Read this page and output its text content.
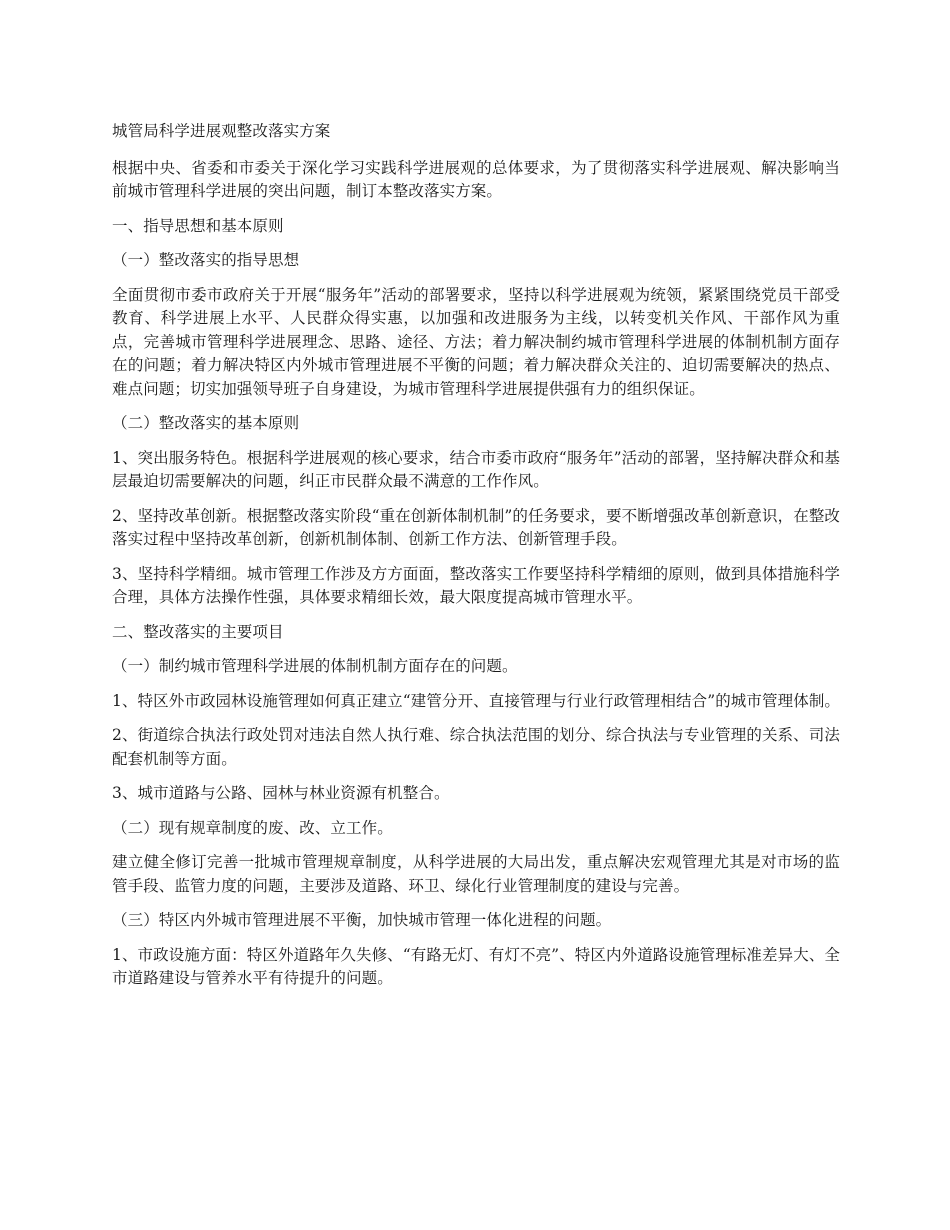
城管局科学进展观整改落实方案

根据中央、省委和市委关于深化学习实践科学进展观的总体要求，为了贯彻落实科学进展观、解决影响当前城市管理科学进展的突出问题，制订本整改落实方案。

一、指导思想和基本原则

（一）整改落实的指导思想

全面贯彻市委市政府关于开展“服务年”活动的部署要求，坚持以科学进展观为统领，紧紧围绕党员干部受教育、科学进展上水平、人民群众得实惠，以加强和改进服务为主线，以转变机关作风、干部作风为重点，完善城市管理科学进展理念、思路、途径、方法；着力解决制约城市管理科学进展的体制机制方面存在的问题；着力解决特区内外城市管理进展不平衡的问题；着力解决群众关注的、迫切需要解决的热点、难点问题；切实加强领导班子自身建设，为城市管理科学进展提供强有力的组织保证。

（二）整改落实的基本原则

1、突出服务特色。根据科学进展观的核心要求，结合市委市政府“服务年”活动的部署，坚持解决群众和基层最迫切需要解决的问题，纠正市民群众最不满意的工作作风。

2、坚持改革创新。根据整改落实阶段“重在创新体制机制”的任务要求，要不断增强改革创新意识，在整改落实过程中坚持改革创新，创新机制体制、创新工作方法、创新管理手段。

3、坚持科学精细。城市管理工作涉及方方面面，整改落实工作要坚持科学精细的原则，做到具体措施科学合理，具体方法操作性强，具体要求精细长效，最大限度提高城市管理水平。

二、整改落实的主要项目

（一）制约城市管理科学进展的体制机制方面存在的问题。

1、特区外市政园林设施管理如何真正建立“建管分开、直接管理与行业行政管理相结合”的城市管理体制。

2、街道综合执法行政处罚对违法自然人执行难、综合执法范围的划分、综合执法与专业管理的关系、司法配套机制等方面。

3、城市道路与公路、园林与林业资源有机整合。

（二）现有规章制度的废、改、立工作。

建立健全修订完善一批城市管理规章制度，从科学进展的大局出发，重点解决宏观管理尤其是对市场的监管手段、监管力度的问题，主要涉及道路、环卫、绿化行业管理制度的建设与完善。

（三）特区内外城市管理进展不平衡，加快城市管理一体化进程的问题。

1、市政设施方面：特区外道路年久失修、“有路无灯、有灯不亮”、特区内外道路设施管理标准差异大、全市道路建设与管养水平有待提升的问题。
